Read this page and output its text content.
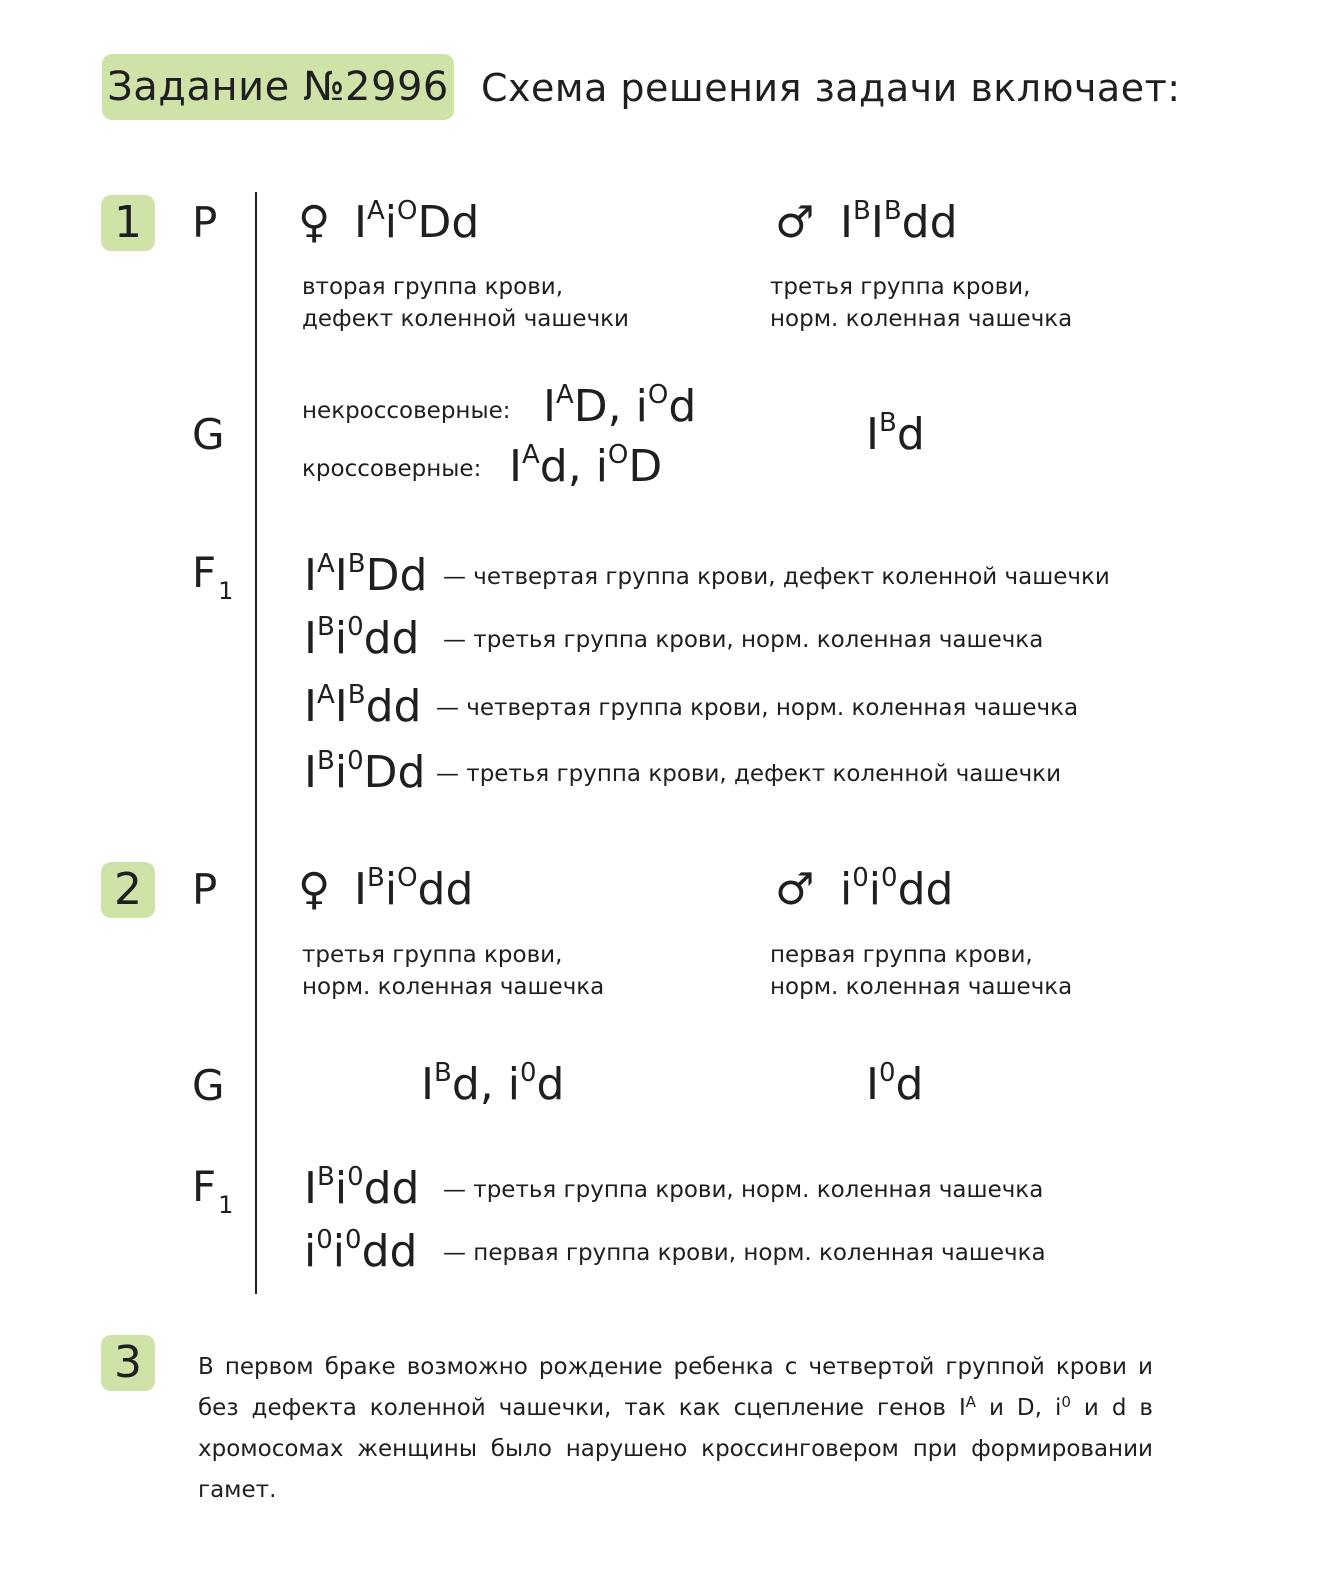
Задание №2996 Схема решения задачи включает:
1	P ♀ $I^Ai^ODd$
вторая группа крови,
дефект коленной чашечки
♂ $I^BI^Bdd$
третья группа крови,
норм. коленная чашечка
G	некроссоверные: $I^AD$, $i^Od$
кроссоверные: $I^Ad$, $i^OD$
$I^Bd$
$F_1$ $I^AI^BDd$ — четвертая группа крови, дефект коленной чашечки
$I^Bi^0dd$ — третья группа крови, норм. коленная чашечка
$I^AI^Bdd$ — четвертая группа крови, норм. коленная чашечка
$I^Bi^0Dd$ — третья группа крови, дефект коленной чашечки
2	P ♀ $I^Bi^Odd$
третья группа крови,
норм. коленная чашечка
♂ $i^0i^0dd$
первая группа крови,
норм. коленная чашечка
G	$I^Bd$, $i^0d$	$I^0d$
$F_1$ $I^Bi^0dd$ — третья группа крови, норм. коленная чашечка
$i^0i^0dd$ — первая группа крови, норм. коленная чашечка
3	В первом браке возможно рождение ребенка с четвертой группой крови и без дефекта коленной чашечки, так как сцепление генов $I^A$ и D, $i^0$ и d в хромосомах женщины было нарушено кроссинговером при формировании гамет.
